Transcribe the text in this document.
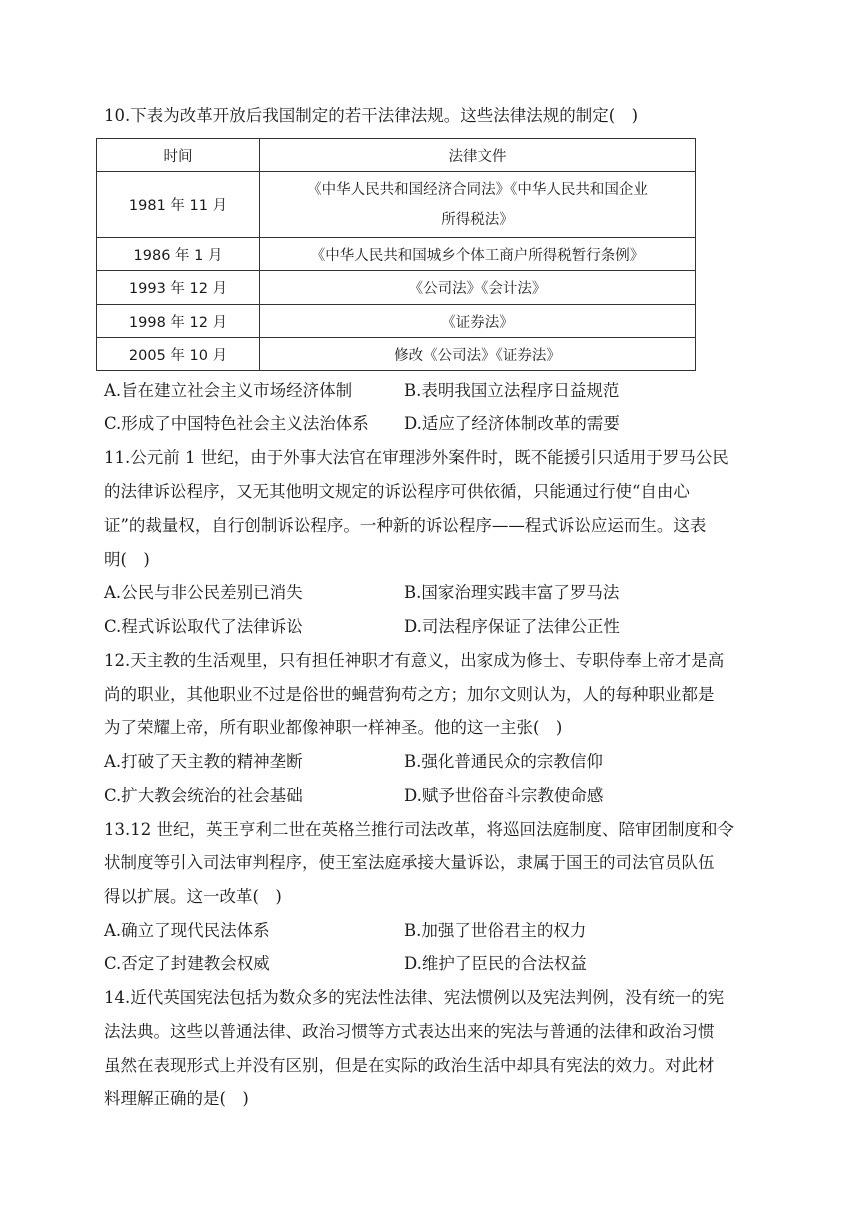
10.下表为改革开放后我国制定的若干法律法规。这些法律法规的制定(　)
时间	法律文件
1981 年 11 月	《中华人民共和国经济合同法》《中华人民共和国企业
所得税法》

1986 年 1 月	《中华人民共和国城乡个体工商户所得税暂行条例》
1993 年 12 月	《公司法》《会计法》
1998 年 12 月	《证券法》
2005 年 10 月	修改《公司法》《证券法》
A.旨在建立社会主义市场经济体制	B.表明我国立法程序日益规范
C.形成了中国特色社会主义法治体系 D.适应了经济体制改革的需要
11.公元前 1 世纪，由于外事大法官在审理涉外案件时，既不能援引只适用于罗马公民
的法律诉讼程序，又无其他明文规定的诉讼程序可供依循，只能通过行使“自由心
证”的裁量权，自行创制诉讼程序。一种新的诉讼程序——程式诉讼应运而生。这表
明(　)
A.公民与非公民差别已消失	B.国家治理实践丰富了罗马法
C.程式诉讼取代了法律诉讼	D.司法程序保证了法律公正性
12.天主教的生活观里，只有担任神职才有意义，出家成为修士、专职侍奉上帝才是高
尚的职业，其他职业不过是俗世的蝇营狗苟之方；加尔文则认为，人的每种职业都是
为了荣耀上帝，所有职业都像神职一样神圣。他的这一主张(　)
A.打破了天主教的精神垄断	B.强化普通民众的宗教信仰
C.扩大教会统治的社会基础	D.赋予世俗奋斗宗教使命感
13.12 世纪，英王亨利二世在英格兰推行司法改革，将巡回法庭制度、陪审团制度和令
状制度等引入司法审判程序，使王室法庭承接大量诉讼，隶属于国王的司法官员队伍
得以扩展。这一改革(　)
A.确立了现代民法体系	B.加强了世俗君主的权力
C.否定了封建教会权威	D.维护了臣民的合法权益
14.近代英国宪法包括为数众多的宪法性法律、宪法惯例以及宪法判例，没有统一的宪
法法典。这些以普通法律、政治习惯等方式表达出来的宪法与普通的法律和政治习惯
虽然在表现形式上并没有区别，但是在实际的政治生活中却具有宪法的效力。对此材
料理解正确的是(　)
